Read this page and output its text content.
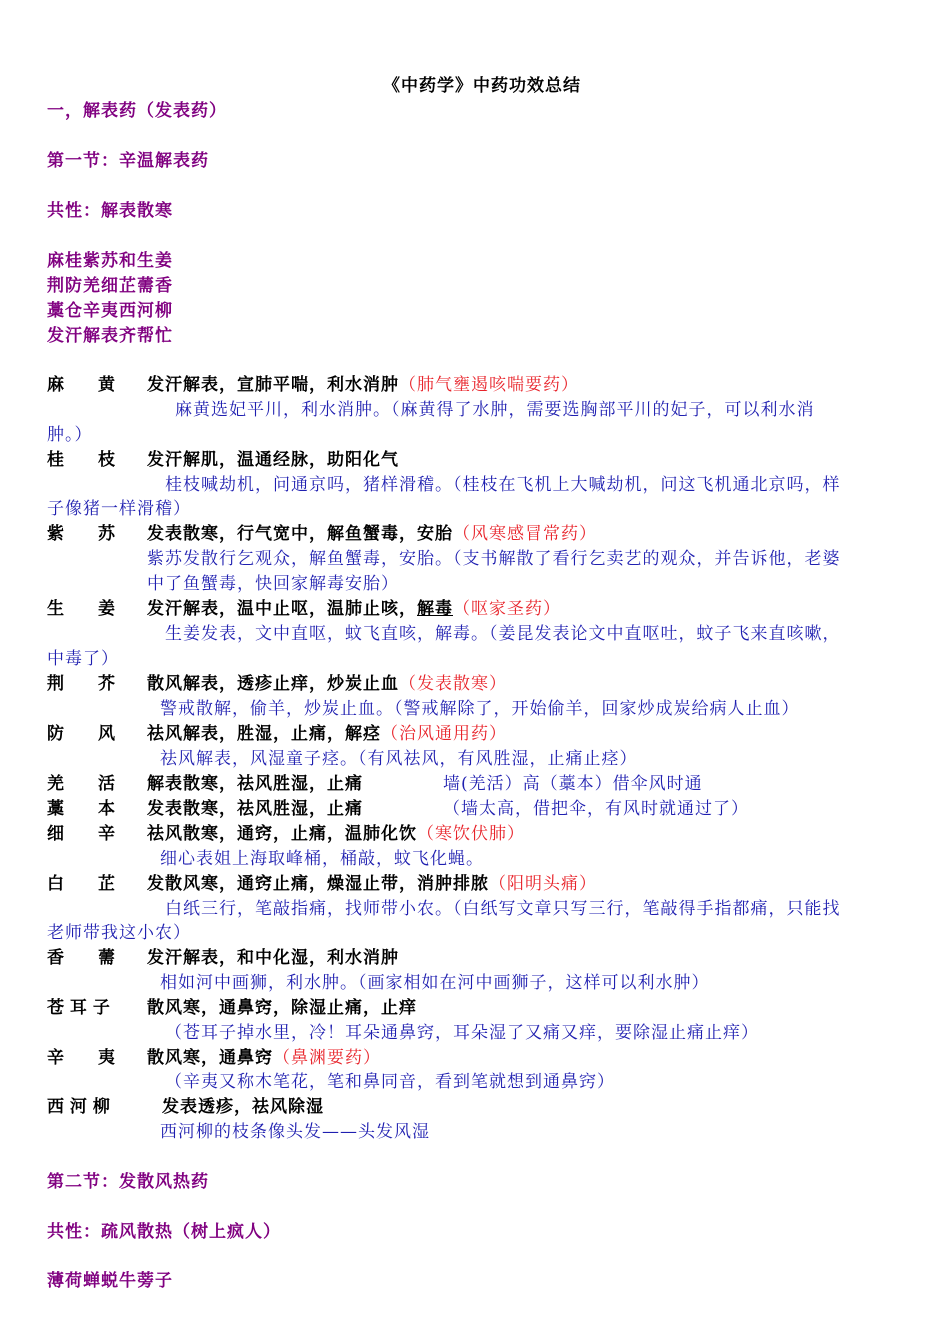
《中药学》中药功效总结
一，解表药（发表药）
第一节：辛温解表药
共性：解表散寒
麻桂紫苏和生姜
荆防羌细芷薷香
藁仓辛夷西河柳
发汗解表齐帮忙
麻　　黄 发汗解表，宣肺平喘，利水消肿（肺气壅遏咳喘要药）
麻黄选妃平川，利水消肿。（麻黄得了水肿，需要选胸部平川的妃子，可以利水消
肿。）
桂　　枝 发汗解肌，温通经脉，助阳化气
桂枝喊劫机，问通京吗，猪样滑稽。（桂枝在飞机上大喊劫机，问这飞机通北京吗，样
子像猪一样滑稽）
紫　　苏 发表散寒，行气宽中，解鱼蟹毒，安胎（风寒感冒常药）
紫苏发散行乞观众，解鱼蟹毒，安胎。（支书解散了看行乞卖艺的观众，并告诉他，老婆
中了鱼蟹毒，快回家解毒安胎）
生　　姜 发汗解表，温中止呕，温肺止咳，解毒（呕家圣药）
生姜发表，文中直呕，蚊飞直咳，解毒。（姜昆发表论文中直呕吐，蚊子飞来直咳嗽，
中毒了）
荆　　芥 散风解表，透疹止痒，炒炭止血（发表散寒）
警戒散解，偷羊，炒炭止血。（警戒解除了，开始偷羊，回家炒成炭给病人止血）
防　　风 祛风解表，胜湿，止痛，解痉（治风通用药）
祛风解表，风湿童子痉。（有风祛风，有风胜湿，止痛止痉）
羌　　活 解表散寒，祛风胜湿，止痛	墙(羌活）高（藁本）借伞风时通
藁　　本 发表散寒，祛风胜湿，止痛	（墙太高，借把伞，有风时就通过了）
细　　辛 祛风散寒，通窍，止痛，温肺化饮（寒饮伏肺）
细心表姐上海取峰桶，桶敲，蚊飞化蝇。
白　　芷 发散风寒，通窍止痛，燥湿止带，消肿排脓（阳明头痛）
白纸三行，笔敲指痛，找师带小农。（白纸写文章只写三行，笔敲得手指都痛，只能找
老师带我这小农）
香　　薷 发汗解表，和中化湿，利水消肿
相如河中画狮，利水肿。（画家相如在河中画狮子，这样可以利水肿）
苍 耳 子 散风寒，通鼻窍，除湿止痛，止痒
（苍耳子掉水里，冷！耳朵通鼻窍，耳朵湿了又痛又痒，要除湿止痛止痒）
辛　　夷 散风寒，通鼻窍（鼻渊要药）
（辛夷又称木笔花，笔和鼻同音，看到笔就想到通鼻窍）
西 河 柳	发表透疹，祛风除湿
西河柳的枝条像头发——头发风湿
第二节：发散风热药
共性：疏风散热（树上疯人）
薄荷蝉蜕牛蒡子
